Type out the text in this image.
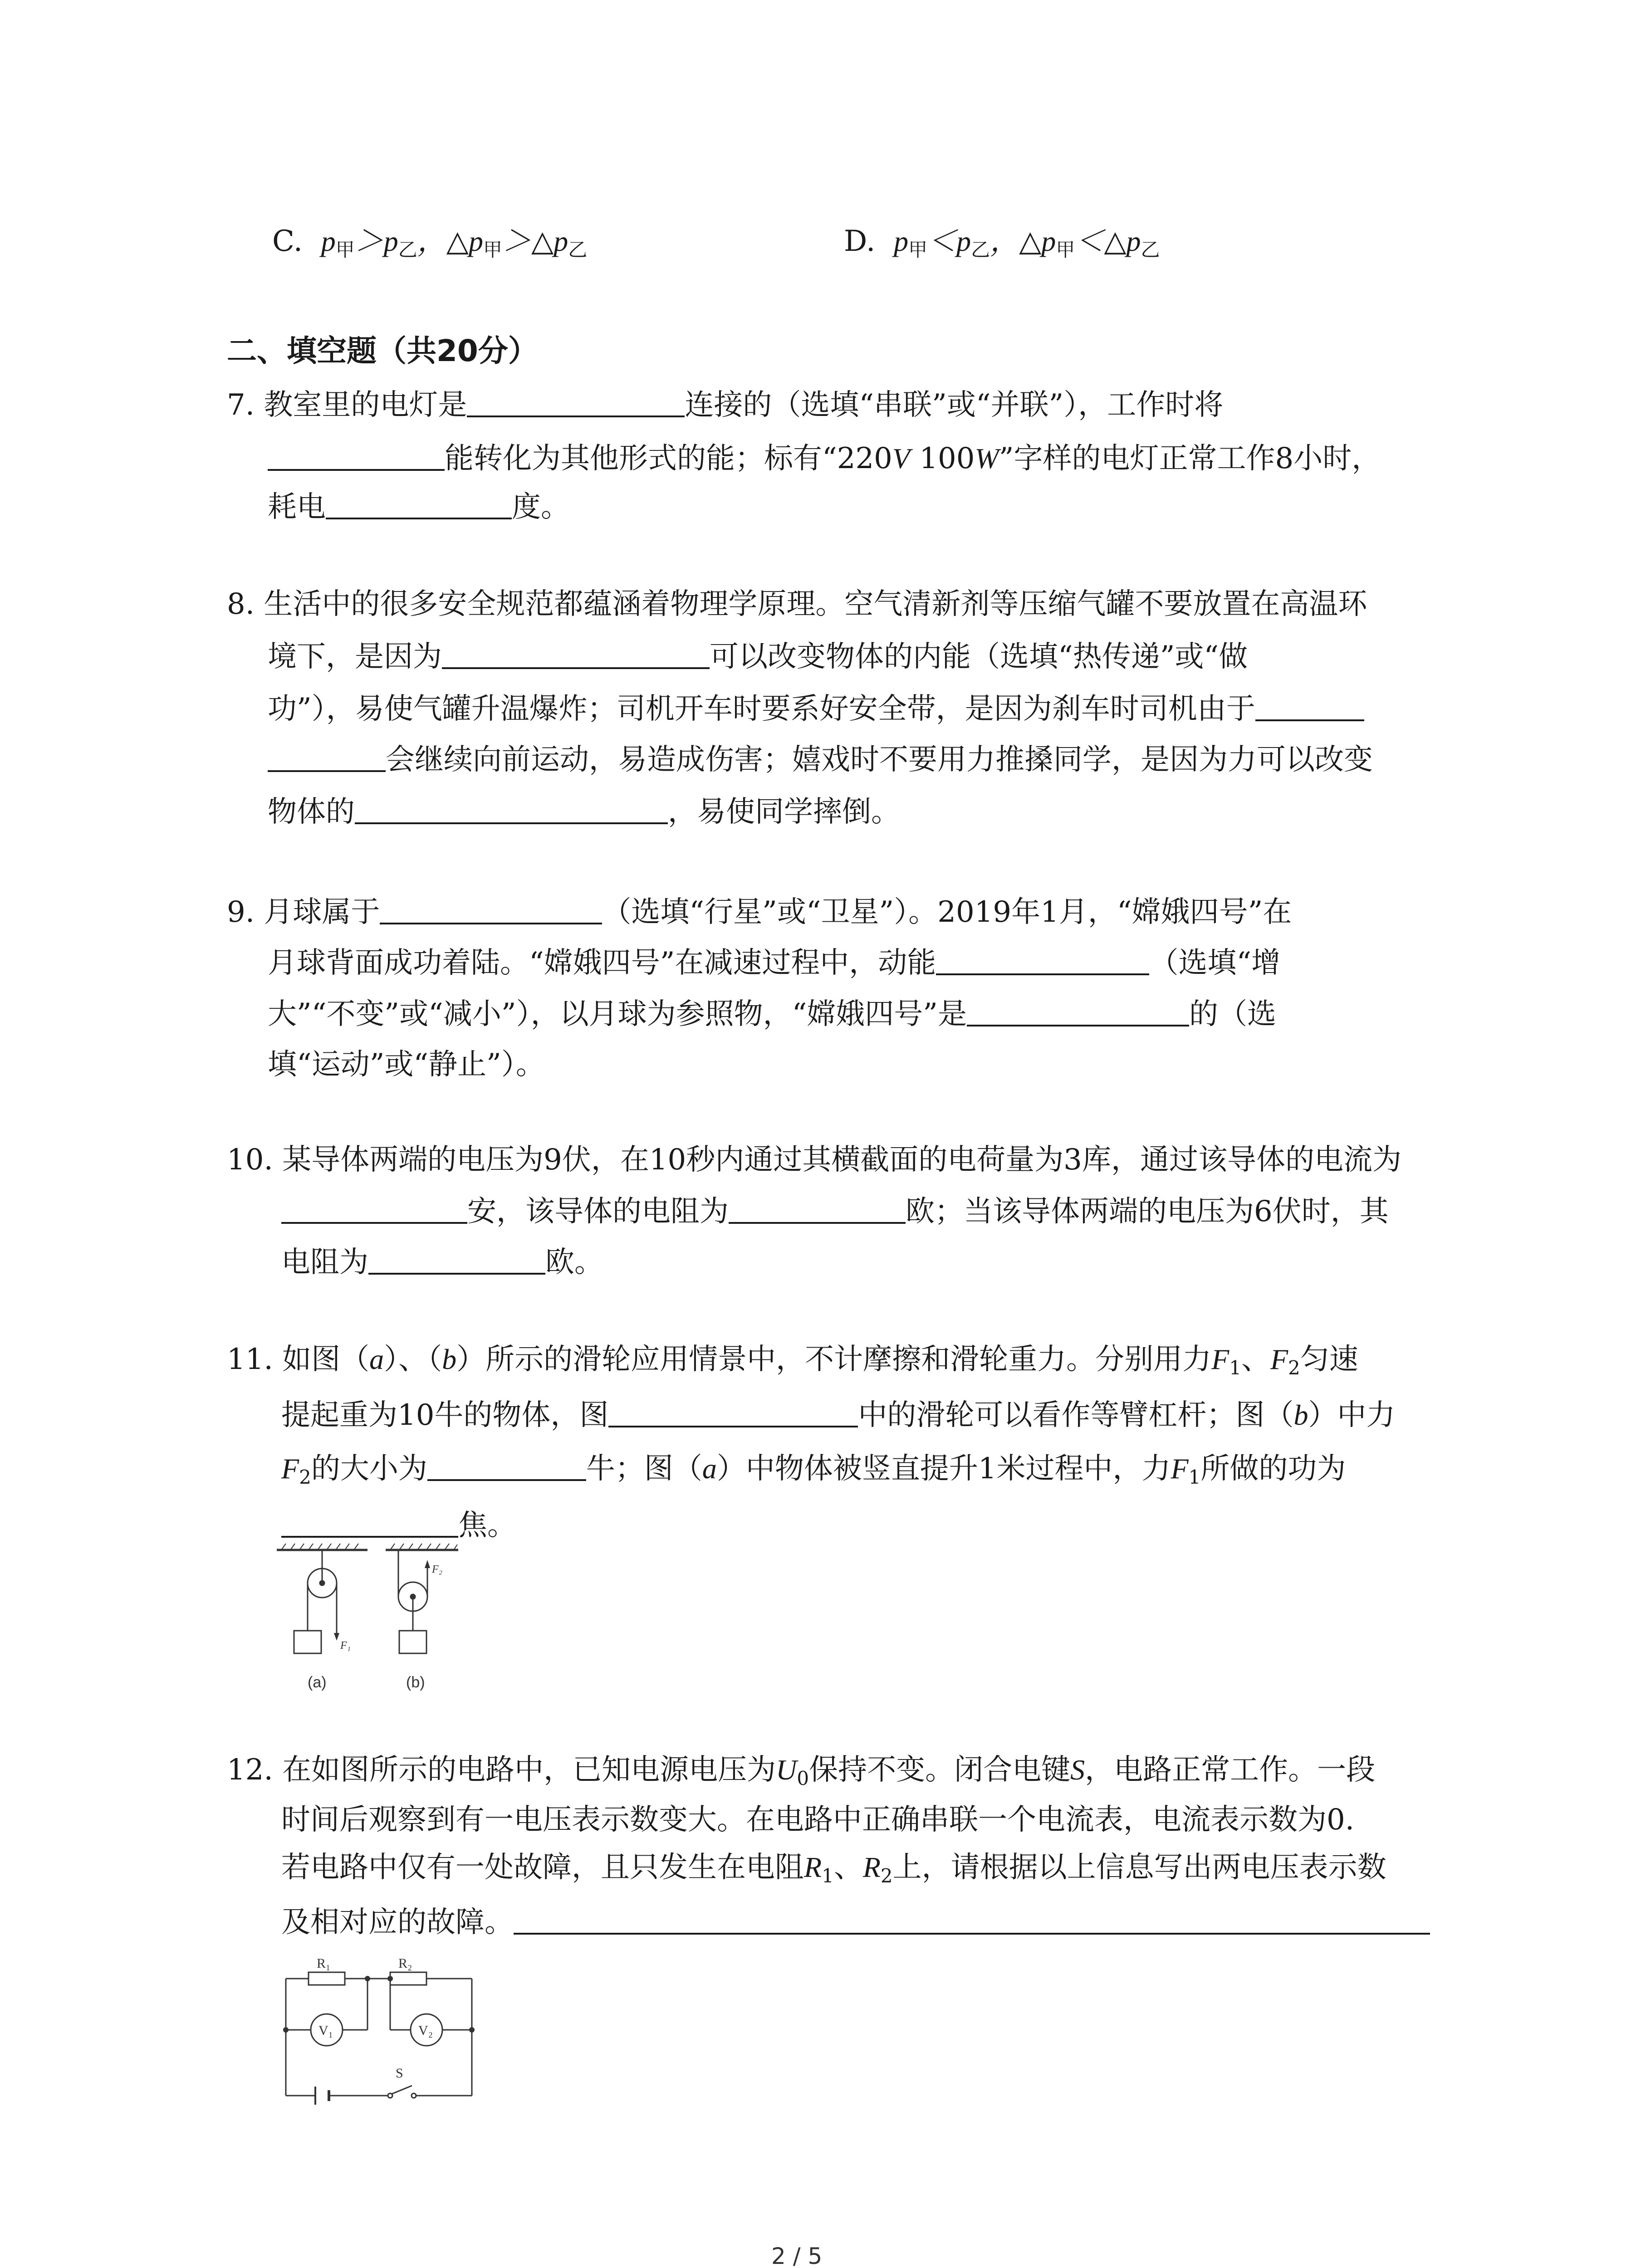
C. $p_甲>p_乙$，$\triangle p_甲>\triangle p_乙$	D. $p_甲<p_乙$，$\triangle p_甲<\triangle p_乙$
二、填空题（共20分）
7. 教室里的电灯是	连接的（选填“串联”或“并联”），工作时将
能转化为其他形式的能；标有“220V 100W”字样的电灯正常工作8小时，
耗电	度。
8. 生活中的很多安全规范都蕴涵着物理学原理。空气清新剂等压缩气罐不要放置在高温环
境下，是因为	可以改变物体的内能（选填“热传递”或“做
功”），易使气罐升温爆炸；司机开车时要系好安全带，是因为刹车时司机由于
会继续向前运动，易造成伤害；嬉戏时不要用力推搡同学，是因为力可以改变
物体的	，易使同学摔倒。
9. 月球属于	（选填“行星”或“卫星”）。2019年1月，“嫦娥四号”在
月球背面成功着陆。“嫦娥四号”在减速过程中，动能	（选填“增
大”“不变”或“减小”），以月球为参照物，“嫦娥四号”是	的（选
填“运动”或“静止”）。
10. 某导体两端的电压为9伏，在10秒内通过其横截面的电荷量为3库，通过该导体的电流为
安，该导体的电阻为	欧；当该导体两端的电压为6伏时，其
电阻为	欧。
11. 如图（a）、（b）所示的滑轮应用情景中，不计摩擦和滑轮重力。分别用力$F_1$、$F_2$匀速
提起重为10牛的物体，图	中的滑轮可以看作等臂杠杆；图（b）中力
$F_2$的大小为	牛；图（a）中物体被竖直提升1米过程中，力$F_1$所做的功为
焦。
F₁
F₂
(a)	(b)
12. 在如图所示的电路中，已知电源电压为$U_0$保持不变。闭合电键S，电路正常工作。一段
时间后观察到有一电压表示数变大。在电路中正确串联一个电流表，电流表示数为0.
若电路中仅有一处故障，且只发生在电阻$R_1$、$R_2$上，请根据以上信息写出两电压表示数
及相对应的故障。
R₁	R₂
V₁	V₂
S
2 / 5
